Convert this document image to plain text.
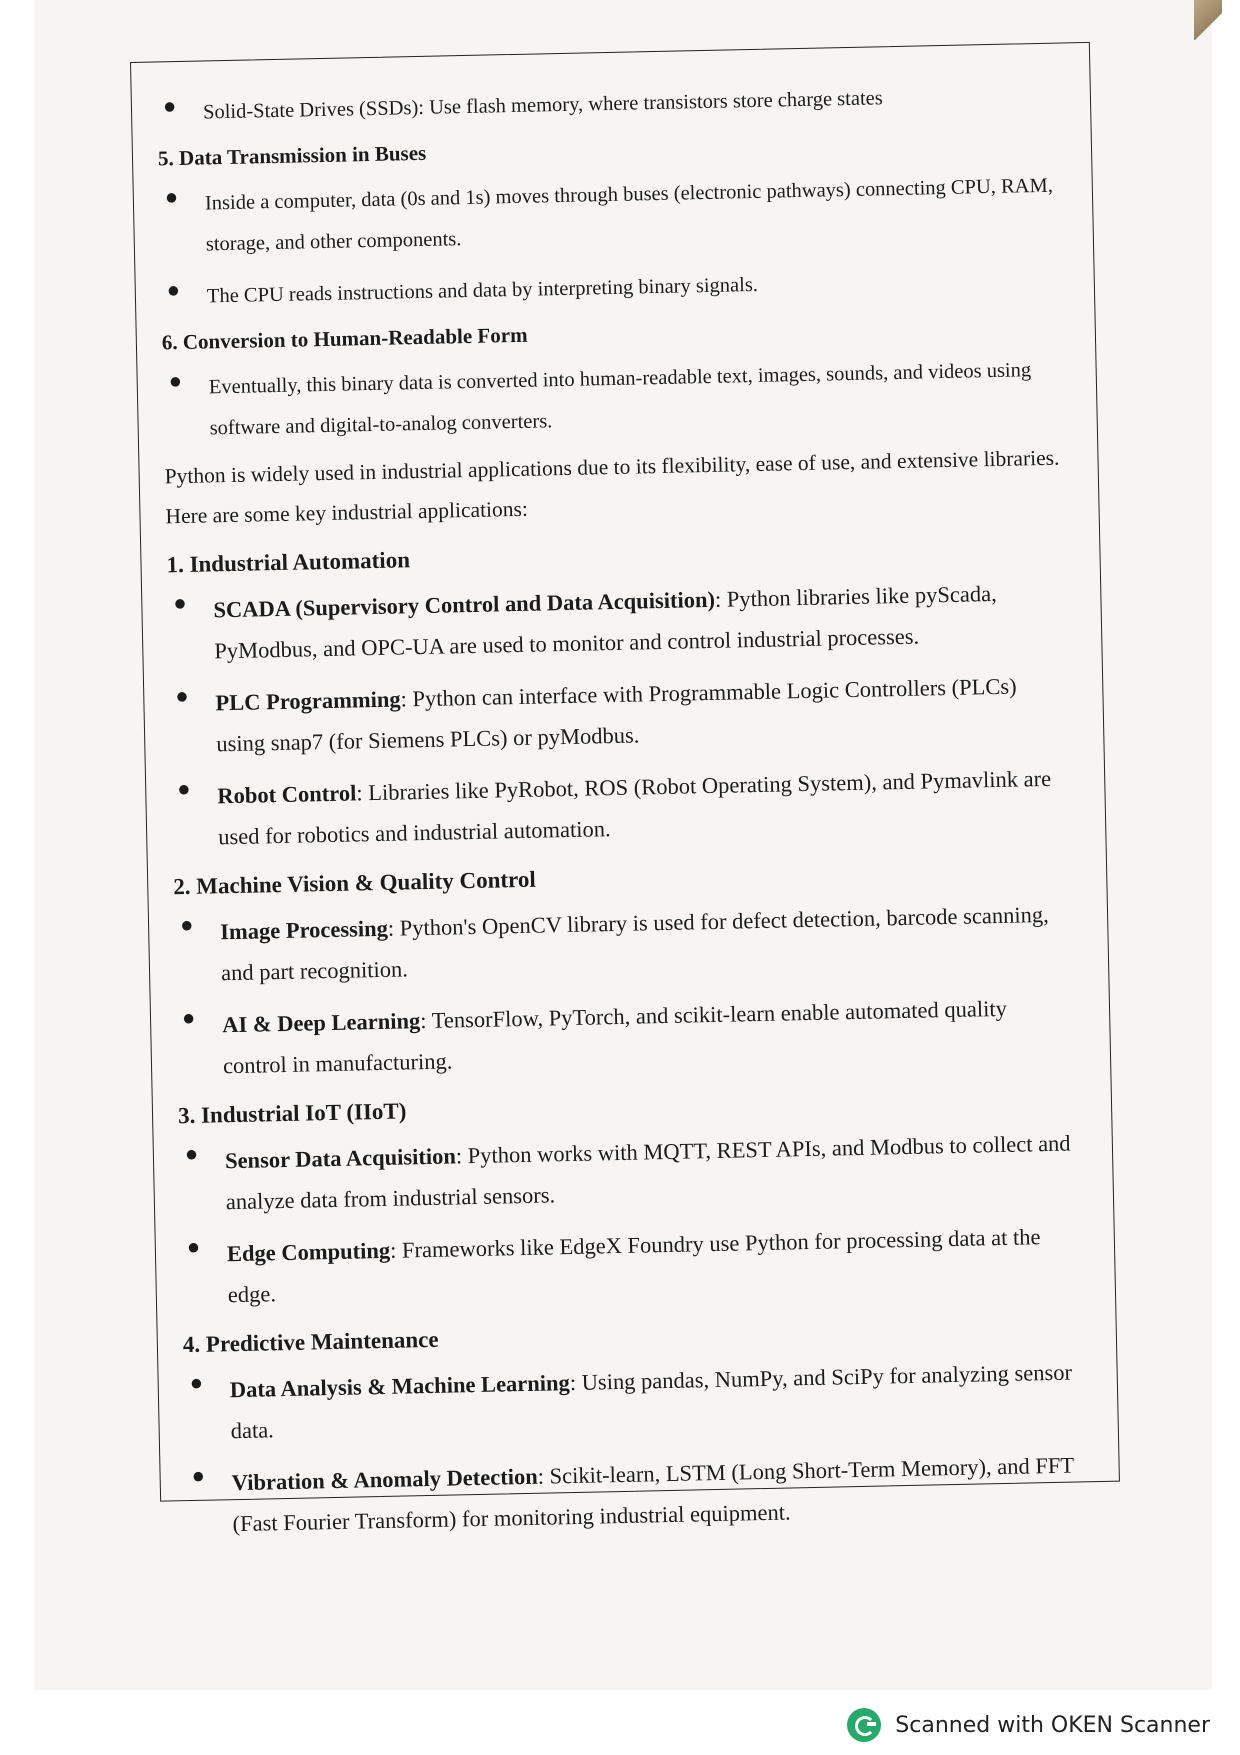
● Solid-State Drives (SSDs): Use flash memory, where transistors store charge states
5. Data Transmission in Buses
● Inside a computer, data (0s and 1s) moves through buses (electronic pathways) connecting CPU, RAM, storage, and other components.
● The CPU reads instructions and data by interpreting binary signals.
6. Conversion to Human-Readable Form
● Eventually, this binary data is converted into human-readable text, images, sounds, and videos using software and digital-to-analog converters.
Python is widely used in industrial applications due to its flexibility, ease of use, and extensive libraries. Here are some key industrial applications:
1. Industrial Automation
● SCADA (Supervisory Control and Data Acquisition): Python libraries like pyScada, PyModbus, and OPC-UA are used to monitor and control industrial processes.
● PLC Programming: Python can interface with Programmable Logic Controllers (PLCs) using snap7 (for Siemens PLCs) or pyModbus.
● Robot Control: Libraries like PyRobot, ROS (Robot Operating System), and Pymavlink are used for robotics and industrial automation.
2. Machine Vision & Quality Control
● Image Processing: Python's OpenCV library is used for defect detection, barcode scanning, and part recognition.
● AI & Deep Learning: TensorFlow, PyTorch, and scikit-learn enable automated quality control in manufacturing.
3. Industrial IoT (IIoT)
● Sensor Data Acquisition: Python works with MQTT, REST APIs, and Modbus to collect and analyze data from industrial sensors.
● Edge Computing: Frameworks like EdgeX Foundry use Python for processing data at the edge.
4. Predictive Maintenance
● Data Analysis & Machine Learning: Using pandas, NumPy, and SciPy for analyzing sensor data.
● Vibration & Anomaly Detection: Scikit-learn, LSTM (Long Short-Term Memory), and FFT (Fast Fourier Transform) for monitoring industrial equipment.
Scanned with OKEN Scanner
